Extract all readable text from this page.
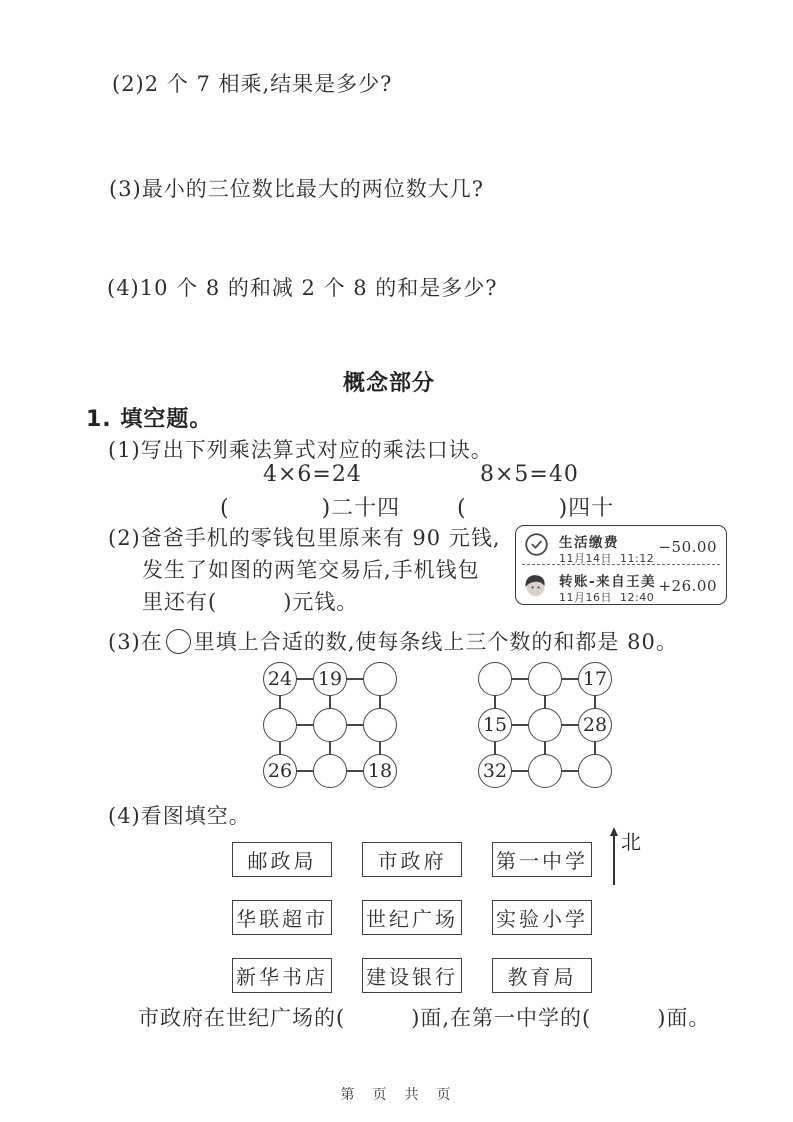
(2)2 个 7 相乘,结果是多少?
(3)最小的三位数比最大的两位数大几?
(4)10 个 8 的和减 2 个 8 的和是多少?
概念部分
1. 填空题。
(1)写出下列乘法算式对应的乘法口诀。
4×6=24	8×5=40
(　　　　)二十四	(　　　　)四十
(2)爸爸手机的零钱包里原来有 90 元钱,
发生了如图的两笔交易后,手机钱包
里还有(　　　)元钱。
生活缴费	−50.00
11月14日  11:12
转账-来自王美 +26.00
11月16日  12:40
(3)在 里填上合适的数,使每条线上三个数的和都是 80。
24 19
26	18
17
15	28
32
(4)看图填空。
邮政局	市政府	第一中学
华联超市 世纪广场 实验小学
新华书店 建设银行	教育局
北
市政府在世纪广场的(　　　)面,在第一中学的(　　　)面。
第　页　共　页
